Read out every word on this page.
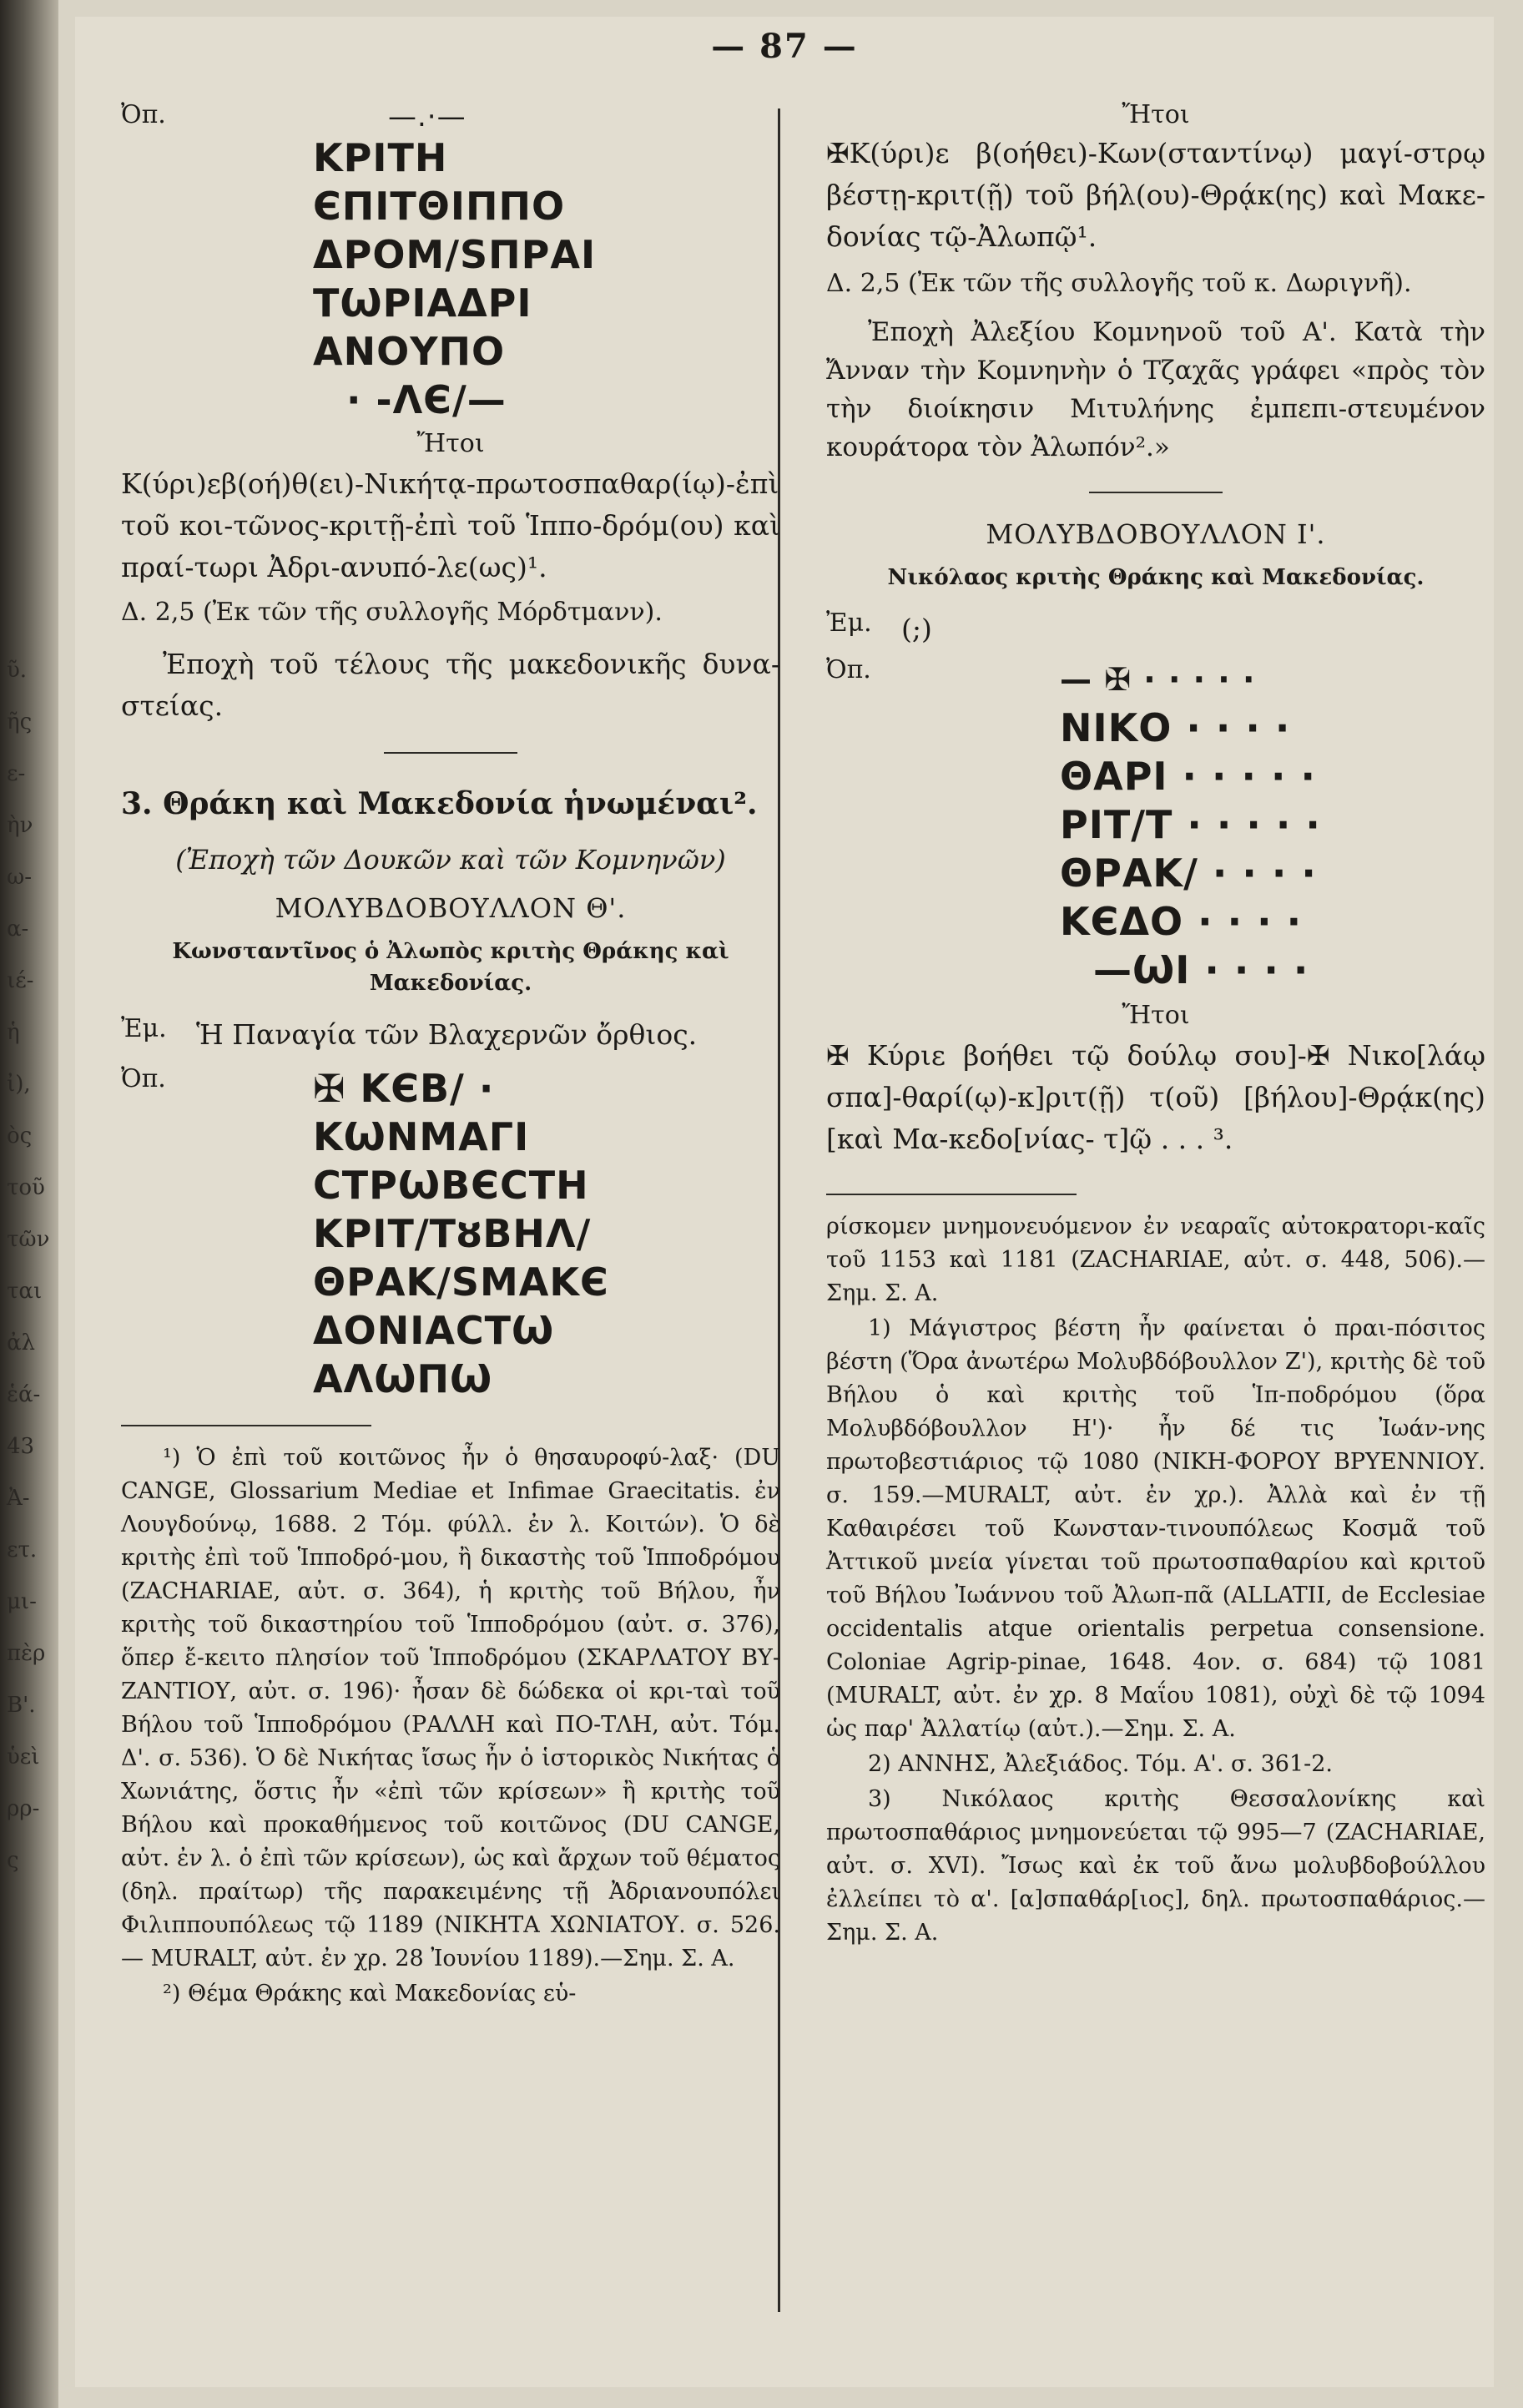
ῦ.
ῆς
ε-
ὴν
ω-
α-
ιέ-
ἡ
ἰ),
ὸς
τοῦ
τῶν
ται
ἀλ
ἑά-
43
Ἀ-
ετ.
μι-
πὲρ
Β'.
ὑεὶ
ρρ-
ς
— 87 —
Ὀπ.	—.·—
ΚΡΙΤΗ
ЄΠΙΤΘΙΠΠΟ
ΔΡΟΜ/SΠΡΑΙ
ΤѠΡΙΑΔΡΙ
ΑΝΟΥΠΟ
· -ΛЄ/—
Ἤτοι
Κ(ύρι)εβ(οή)θ(ει)-Νικήτᾳ-πρωτοσπαθαρ(ίῳ)-ἐπὶ τοῦ κοι-τῶνος-κριτῇ-ἐπὶ τοῦ Ἱππο-δρόμ(ου) καὶ πραί-τωρι Ἀδρι-ανυπό-λε(ως)¹.
Δ. 2,5 (Ἐκ τῶν τῆς συλλογῆς Μόρδτμανν).
Ἐποχὴ τοῦ τέλους τῆς μακεδονικῆς δυνα-στείας.
3. Θράκη καὶ Μακεδονία ἡνωμέναι².
(Ἐποχὴ τῶν Δουκῶν καὶ τῶν Κομνηνῶν)
ΜΟΛΥΒΔΟΒΟΥΛΛΟΝ Θ'.
Κωνσταντῖνος ὁ Ἀλωπὸς κριτὴς Θράκης καὶ Μακεδονίας.
Ἐμ.	Ἡ Παναγία τῶν Βλαχερνῶν ὄρθιος.
Ὀπ.	✠ KЄB/ ·
KѠΝΜΑΓΙ
CΤΡѠΒЄCΤΗ
ΚΡΙΤ/ΤȣΒΗΛ/
ΘΡΑΚ/SΜΑΚЄ
ΔΟΝΙΑCΤѠ
ΑΛѠΠѠ

¹) Ὁ ἐπὶ τοῦ κοιτῶνος ἦν ὁ θησαυροφύ-λαξ· (DU CANGE, Glossarium Mediae et Infimae Graecitatis. ἐν Λουγδούνῳ, 1688. 2 Τόμ. φύλλ. ἐν λ. Κοιτών). Ὁ δὲ κριτὴς ἐπὶ τοῦ Ἱπποδρό-μου, ἢ δικαστὴς τοῦ Ἱπποδρόμου (ZACHARIAE, αὐτ. σ. 364), ἡ κριτὴς τοῦ Βήλου, ἦν κριτὴς τοῦ δικαστηρίου τοῦ Ἱπποδρόμου (αὐτ. σ. 376), ὅπερ ἔ-κειτο πλησίον τοῦ Ἱπποδρόμου (ΣΚΑΡΛΑΤΟΥ ΒΥ-ΖΑΝΤΙΟΥ, αὐτ. σ. 196)· ἦσαν δὲ δώδεκα οἱ κρι-ταὶ τοῦ Βήλου τοῦ Ἱπποδρόμου (ΡΑΛΛΗ καὶ ΠΟ-ΤΛΗ, αὐτ. Τόμ. Δ'. σ. 536). Ὁ δὲ Νικήτας ἴσως ἦν ὁ ἱστορικὸς Νικήτας ὁ Χωνιάτης, ὅστις ἦν «ἐπὶ τῶν κρίσεων» ἢ κριτὴς τοῦ Βήλου καὶ προκαθήμενος τοῦ κοιτῶνος (DU CANGE, αὐτ. ἐν λ. ὁ ἐπὶ τῶν κρίσεων), ὡς καὶ ἄρχων τοῦ θέματος (δηλ. πραίτωρ) τῆς παρακειμένης τῇ Ἀδριανουπόλει Φιλιππουπόλεως τῷ 1189 (ΝΙΚΗΤΑ ΧΩΝΙΑΤΟΥ. σ. 526. — MURALT, αὐτ. ἐν χρ. 28 Ἰουνίου 1189).—Σημ. Σ. Α.

²) Θέμα Θράκης καὶ Μακεδονίας εὑ-

Ἤτοι
✠Κ(ύρι)ε β(οήθει)-Κων(σταντίνῳ) μαγί-στρῳ βέστῃ-κριτ(ῇ) τοῦ βήλ(ου)-Θρᾴκ(ης) καὶ Μακε-δονίας τῷ-Ἀλωπῷ¹.
Δ. 2,5 (Ἐκ τῶν τῆς συλλογῆς τοῦ κ. Δωριγνῆ).
Ἐποχὴ Ἀλεξίου Κομνηνοῦ τοῦ Α'. Κατὰ τὴν Ἄνναν τὴν Κομνηνὴν ὁ Τζαχᾶς γράφει «πρὸς τὸν τὴν διοίκησιν Μιτυλήνης ἐμπεπι-στευμένον κουράτορα τὸν Ἀλωπόν².»
ΜΟΛΥΒΔΟΒΟΥΛΛΟΝ Ι'.
Νικόλαος κριτὴς Θράκης καὶ Μακεδονίας.
Ἐμ.	(;)
Ὀπ.	— ✠ · · · · ·
ΝΙΚΟ · · · ·
ΘΑΡΙ · · · · ·
ΡΙΤ/Τ · · · · ·
ΘΡΑΚ/ · · · ·
ΚЄΔΟ · · · ·
—ѠΙ · · · ·
Ἤτοι
✠ Κύριε βοήθει τῷ δούλῳ σου]-✠ Νικο[λάῳ σπα]-θαρί(ῳ)-κ]ριτ(ῇ) τ(οῦ) [βήλου]-Θρᾴκ(ης) [καὶ Μα-κεδο[νίας- τ]ῷ . . . ³.

ρίσκομεν μνημονευόμενον ἐν νεαραῖς αὐτοκρατορι-καῖς τοῦ 1153 καὶ 1181 (ZACHARIAE, αὐτ. σ. 448, 506).—Σημ. Σ. Α.

1) Μάγιστρος βέστη ἦν φαίνεται ὁ πραι-πόσιτος βέστη (Ὅρα ἀνωτέρω Μολυβδόβουλλον Ζ'), κριτὴς δὲ τοῦ Βήλου ὁ καὶ κριτὴς τοῦ Ἱπ-ποδρόμου (ὅρα Μολυβδόβουλλον Η')· ἦν δέ τις Ἰωάν-νης πρωτοβεστιάριος τῷ 1080 (ΝΙΚΗ-ΦΟΡΟΥ ΒΡΥΕΝΝΙΟΥ. σ. 159.—MURALT, αὐτ. ἐν χρ.). Ἀλλὰ καὶ ἐν τῇ Καθαιρέσει τοῦ Κωνσταν-τινουπόλεως Κοσμᾶ τοῦ Ἀττικοῦ μνεία γίνεται τοῦ πρωτοσπαθαρίου καὶ κριτοῦ τοῦ Βήλου Ἰωάννου τοῦ Ἀλωπ-πᾶ (ALLATII, de Ecclesiae occidentalis atque orientalis perpetua consensione. Coloniae Agrip-pinae, 1648. 4ον. σ. 684) τῷ 1081 (MURALT, αὐτ. ἐν χρ. 8 Μαΐου 1081), οὐχὶ δὲ τῷ 1094 ὡς παρ' Ἀλλατίῳ (αὐτ.).—Σημ. Σ. Α.

2) ΑΝΝΗΣ, Ἀλεξιάδος. Τόμ. Α'. σ. 361-2.

3) Νικόλαος κριτὴς Θεσσαλονίκης καὶ πρωτοσπαθάριος μνημονεύεται τῷ 995—7 (ZACHARIAE, αὐτ. σ. XVI). Ἴσως καὶ ἐκ τοῦ ἄνω μολυβδοβούλλου ἐλλείπει τὸ α'. [α]σπαθάρ[ιος], δηλ. πρωτοσπαθάριος.—Σημ. Σ. Α.
